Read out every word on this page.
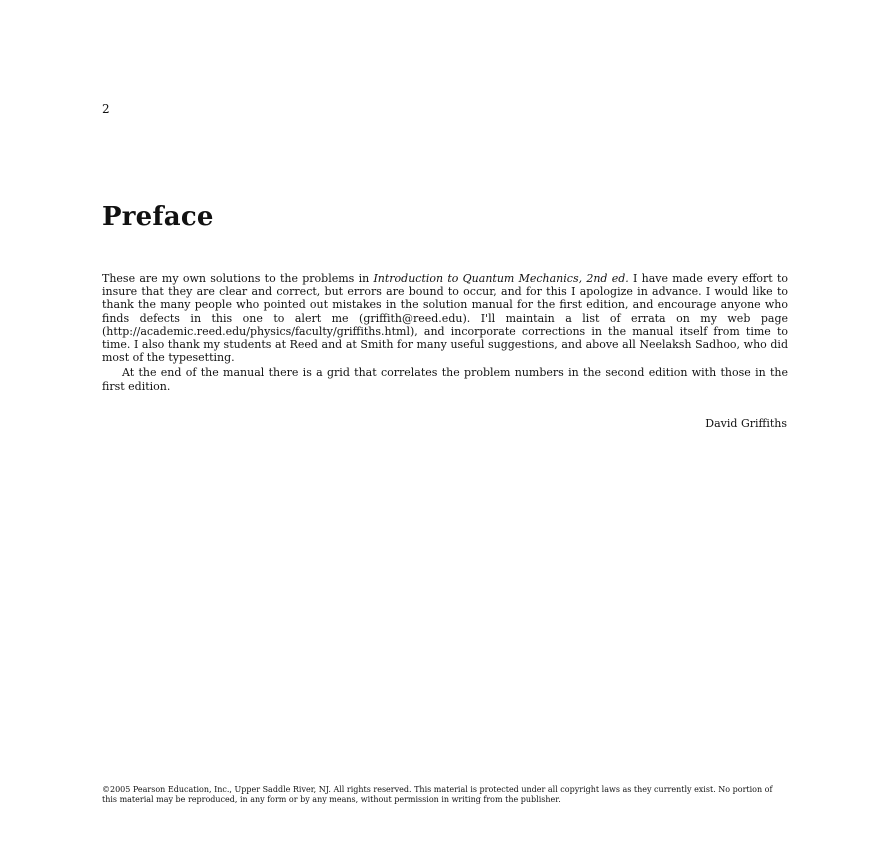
2
Preface

These are my own solutions to the problems in Introduction to Quantum Mechanics, 2nd ed. I have made every effort to insure that they are clear and correct, but errors are bound to occur, and for this I apologize in advance. I would like to thank the many people who pointed out mistakes in the solution manual for the first edition, and encourage anyone who finds defects in this one to alert me (griffith@reed.edu). I'll maintain a list of errata on my web page (http://academic.reed.edu/physics/faculty/griffiths.html), and incorporate corrections in the manual itself from time to time. I also thank my students at Reed and at Smith for many useful suggestions, and above all Neelaksh Sadhoo, who did most of the typesetting.

At the end of the manual there is a grid that correlates the problem numbers in the second edition with those in the first edition.

David Griffiths
©2005 Pearson Education, Inc., Upper Saddle River, NJ. All rights reserved. This material is protected under all copyright laws as they currently exist. No portion of this material may be reproduced, in any form or by any means, without permission in writing from the publisher.
